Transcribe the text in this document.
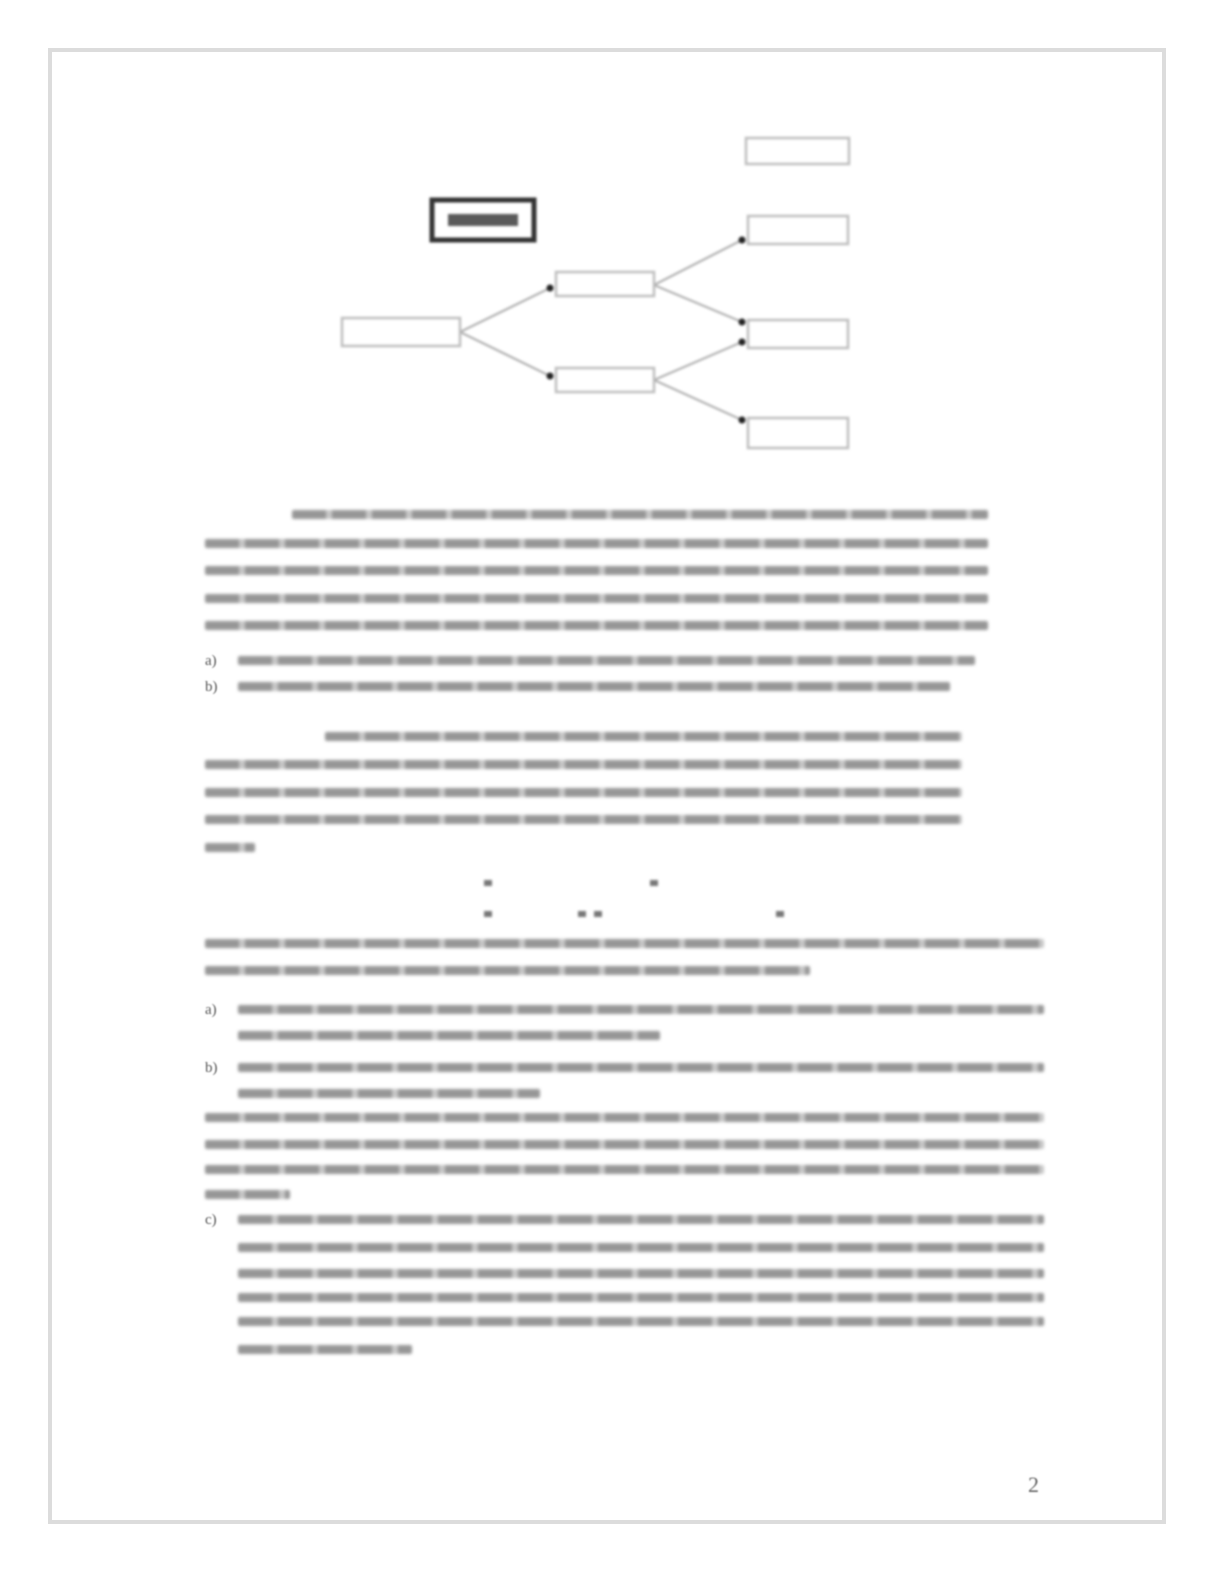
a)
b)
a)
b)
c)
2
